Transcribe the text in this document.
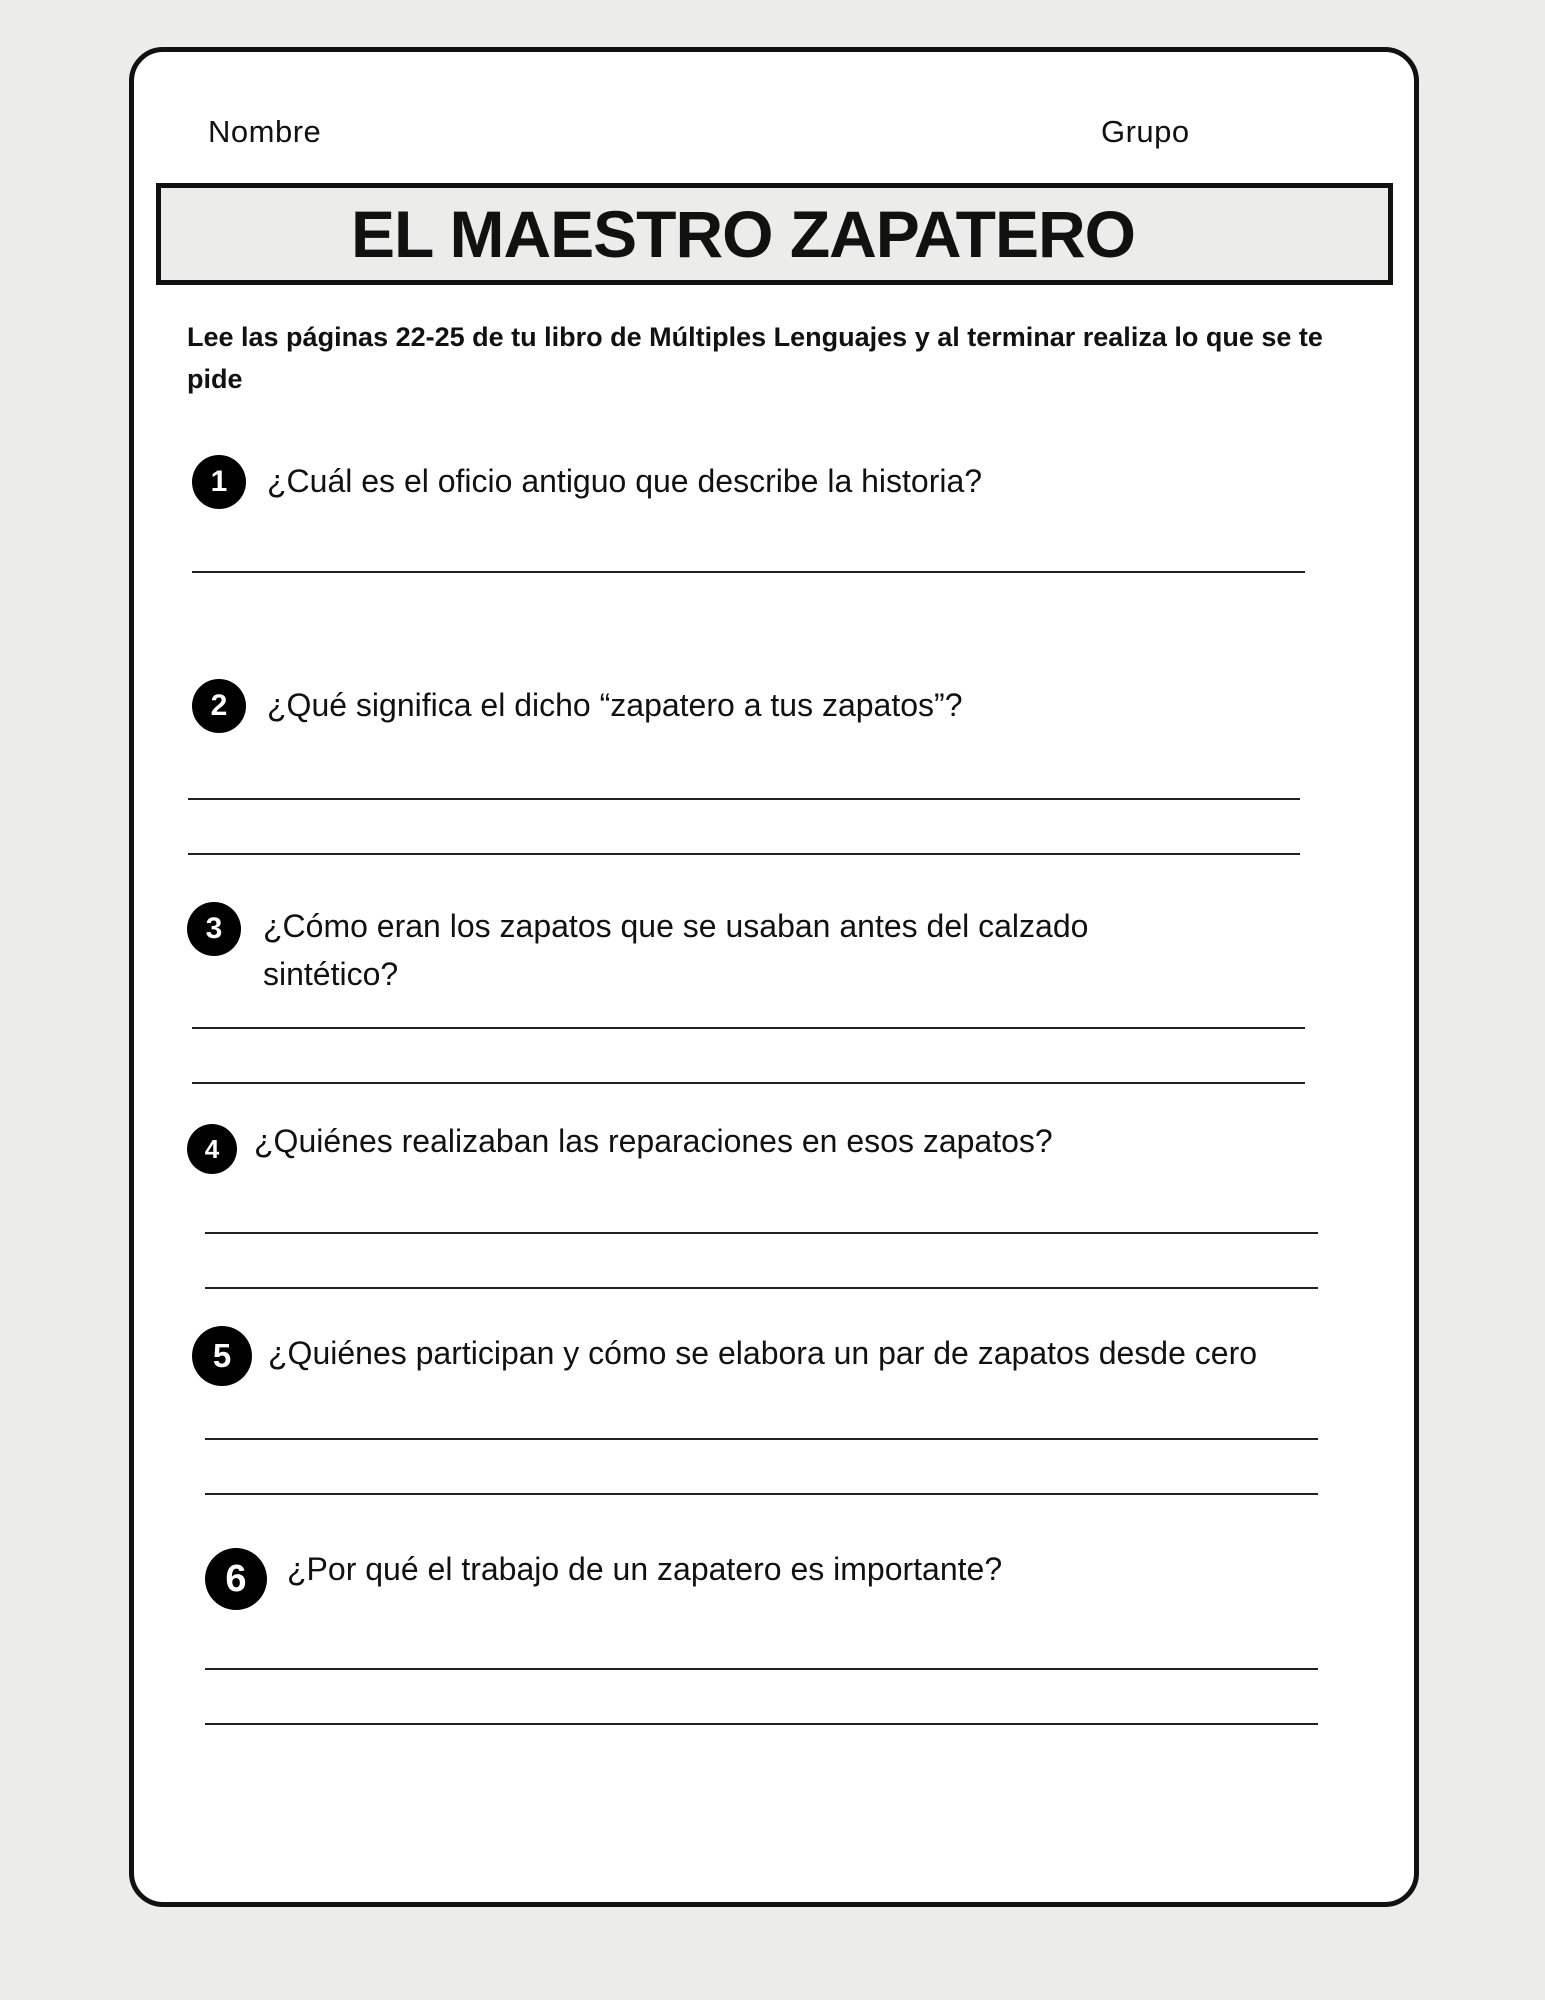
Nombre	Grupo
EL MAESTRO ZAPATERO
Lee las páginas 22-25 de tu libro de Múltiples Lenguajes y al terminar realiza lo que se te pide
1	¿Cuál es el oficio antiguo que describe la historia?
2	¿Qué significa el dicho “zapatero a tus zapatos”?
3	¿Cómo eran los zapatos que se usaban antes del calzado sintético?
4	¿Quiénes realizaban las reparaciones en esos zapatos?
5	¿Quiénes participan y cómo se elabora un par de zapatos desde cero
6	¿Por qué el trabajo de un zapatero es importante?
